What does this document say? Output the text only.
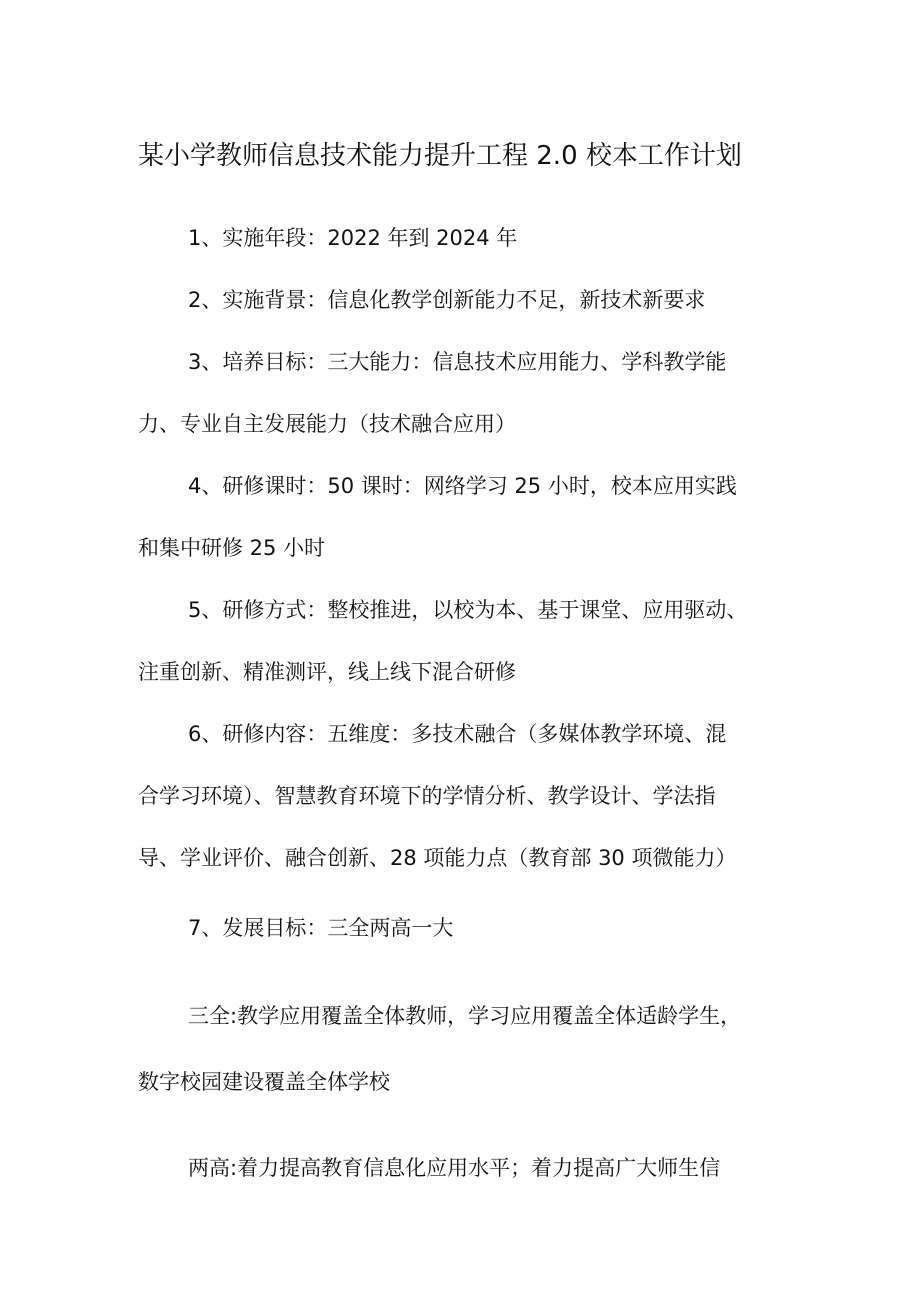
某小学教师信息技术能力提升工程 2.0 校本工作计划
1、实施年段：2022 年到 2024 年
2、实施背景：信息化教学创新能力不足，新技术新要求
3、培养目标：三大能力：信息技术应用能力、学科教学能
力、专业自主发展能力（技术融合应用）
4、研修课时：50 课时：网络学习 25 小时，校本应用实践
和集中研修 25 小时
5、研修方式：整校推进，以校为本、基于课堂、应用驱动、
注重创新、精准测评，线上线下混合研修
6、研修内容：五维度：多技术融合（多媒体教学环境、混
合学习环境）、智慧教育环境下的学情分析、教学设计、学法指
导、学业评价、融合创新、28 项能力点（教育部 30 项微能力）
7、发展目标：三全两高一大
三全:教学应用覆盖全体教师，学习应用覆盖全体适龄学生，
数字校园建设覆盖全体学校
两高:着力提高教育信息化应用水平；着力提高广大师生信
